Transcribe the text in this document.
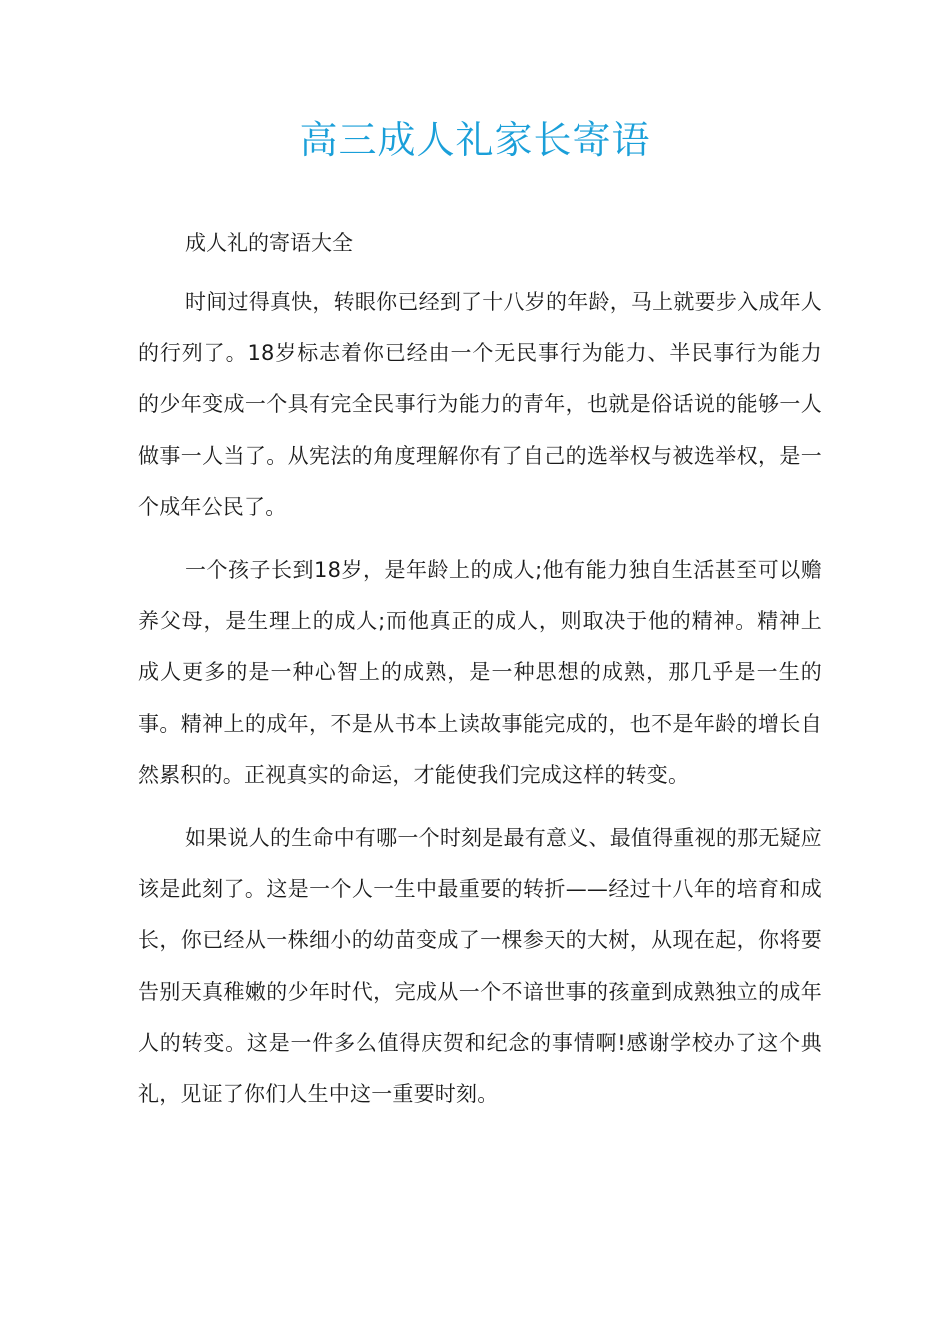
高三成人礼家长寄语

成人礼的寄语大全

时间过得真快，转眼你已经到了十八岁的年龄，马上就要步入成年人的行列了。18岁标志着你已经由一个无民事行为能力、半民事行为能力的少年变成一个具有完全民事行为能力的青年，也就是俗话说的能够一人做事一人当了。从宪法的角度理解你有了自己的选举权与被选举权，是一个成年公民了。

一个孩子长到18岁，是年龄上的成人;他有能力独自生活甚至可以赡养父母，是生理上的成人;而他真正的成人，则取决于他的精神。精神上成人更多的是一种心智上的成熟，是一种思想的成熟，那几乎是一生的事。精神上的成年，不是从书本上读故事能完成的，也不是年龄的增长自然累积的。正视真实的命运，才能使我们完成这样的转变。

如果说人的生命中有哪一个时刻是最有意义、最值得重视的那无疑应该是此刻了。这是一个人一生中最重要的转折——经过十八年的培育和成长，你已经从一株细小的幼苗变成了一棵参天的大树，从现在起，你将要告别天真稚嫩的少年时代，完成从一个不谙世事的孩童到成熟独立的成年人的转变。这是一件多么值得庆贺和纪念的事情啊!感谢学校办了这个典礼，见证了你们人生中这一重要时刻。
